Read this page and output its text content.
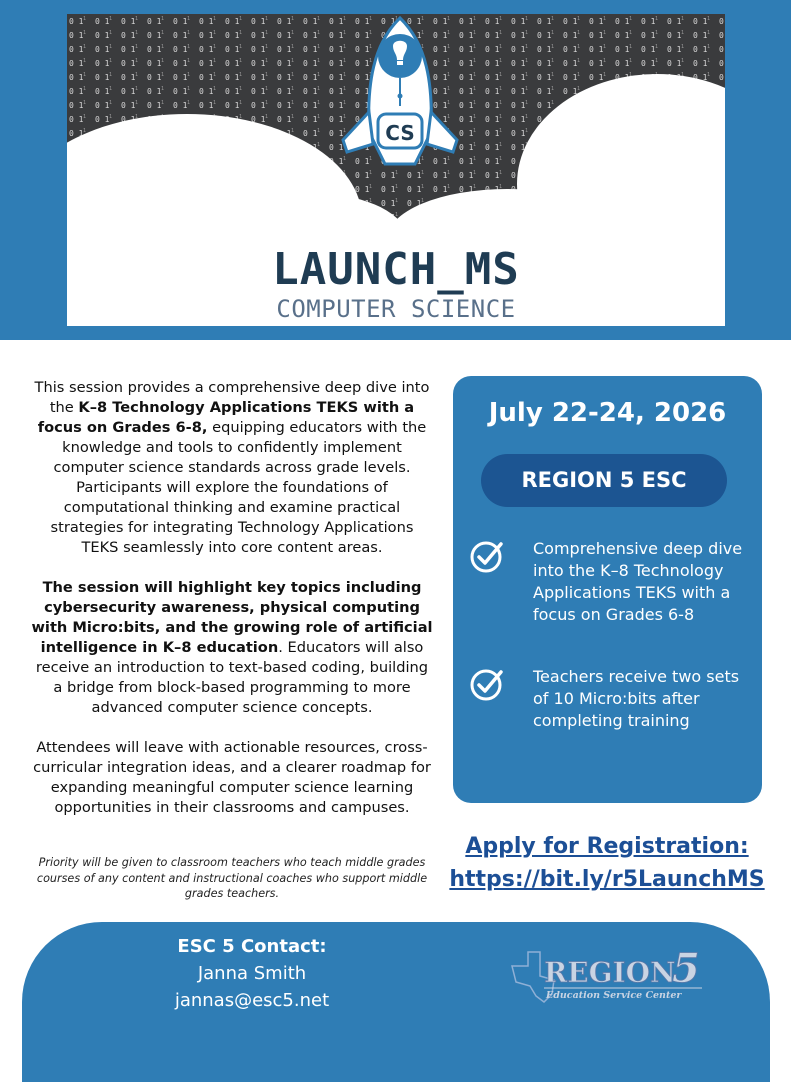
CS
LAUNCH_MS
COMPUTER SCIENCE

This session provides a comprehensive deep dive into the K–8 Technology Applications TEKS with a focus on Grades 6-8, equipping educators with the knowledge and tools to confidently implement computer science standards across grade levels. Participants will explore the foundations of computational thinking and examine practical strategies for integrating Technology Applications TEKS seamlessly into core content areas.

The session will highlight key topics including cybersecurity awareness, physical computing with Micro:bits, and the growing role of artificial intelligence in K–8 education. Educators will also receive an introduction to text-based coding, building a bridge from block-based programming to more advanced computer science concepts.

Attendees will leave with actionable resources, cross-curricular integration ideas, and a clearer roadmap for expanding meaningful computer science learning opportunities in their classrooms and campuses.

Priority will be given to classroom teachers who teach middle grades courses of any content and instructional coaches who support middle grades teachers.
July 22-24, 2026
REGION 5 ESC
Comprehensive deep dive into the K–8 Technology Applications TEKS with a focus on Grades 6-8
Teachers receive two sets of 10 Micro:bits after completing training
Apply for Registration:
https://bit.ly/r5LaunchMS
ESC 5 Contact:
Janna Smith
jannas@esc5.net
REGION
5
Education Service Center
